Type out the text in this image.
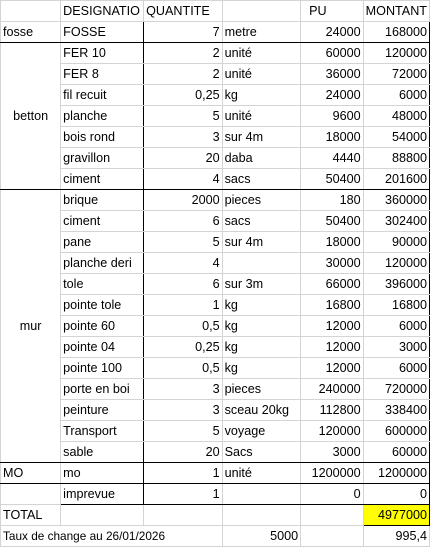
	DESIGNATIO	QUANTITE		PU	MONTANT
fosse	FOSSE	7	metre	24000	168000
betton	FER 10	2	unité	60000	120000
	FER 8	2	unité	36000	72000
	fil recuit	0,25	kg	24000	6000
	planche	5	unité	9600	48000
	bois rond	3	sur 4m	18000	54000
	gravillon	20	daba	4440	88800
	ciment	4	sacs	50400	201600
mur	brique	2000	pieces	180	360000
	ciment	6	sacs	50400	302400
	pane	5	sur 4m	18000	90000
	planche deri	4		30000	120000
	tole	6	sur 3m	66000	396000
	pointe tole	1	kg	16800	16800
	pointe 60	0,5	kg	12000	6000
	pointe 04	0,25	kg	12000	3000
	pointe 100	0,5	kg	12000	6000
	porte en boi	3	pieces	240000	720000
	peinture	3	sceau 20kg	112800	338400
	Transport	5	voyage	120000	600000
	sable	20	Sacs	3000	60000
MO	mo	1	unité	1200000	1200000
	imprevue	1		0	0
TOTAL					4977000
Taux de change au 26/01/2026			5000		995,4
